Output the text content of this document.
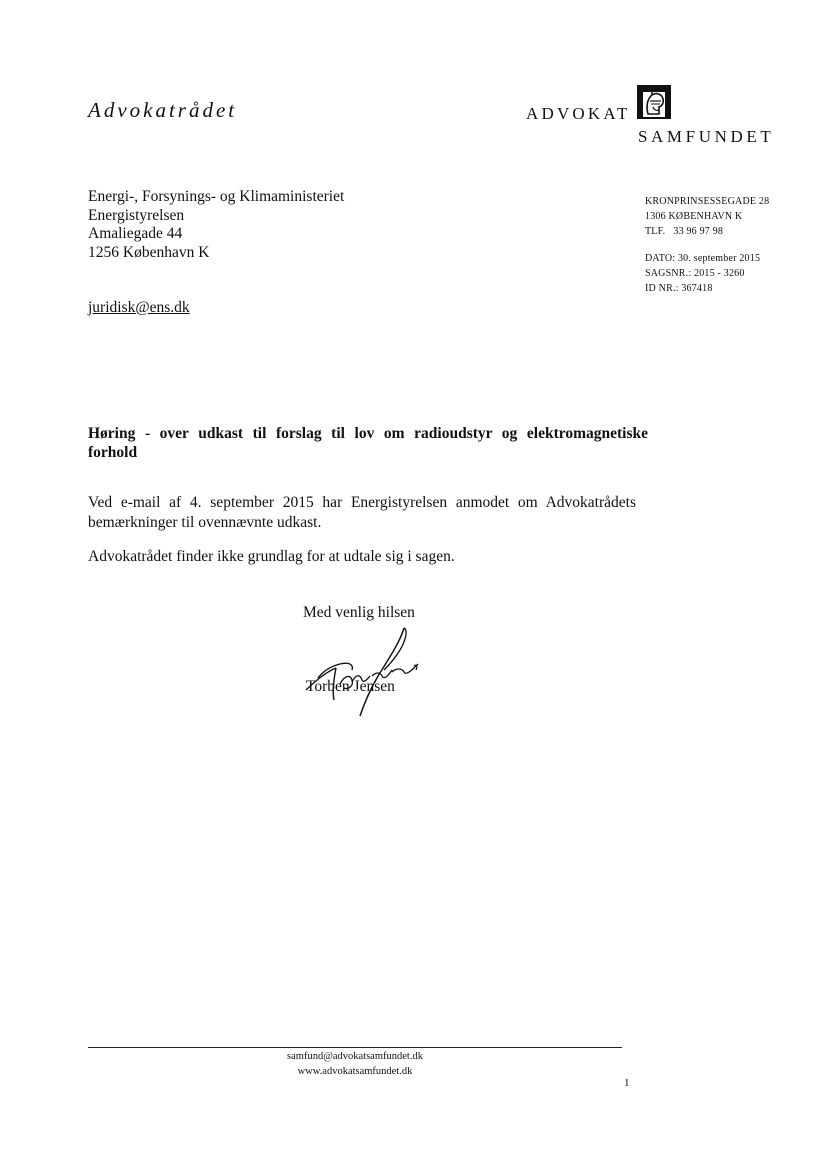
Advokatrådet	ADVOKAT
SAMFUNDET
Energi-, Forsynings- og Klimaministeriet
Energistyrelsen
Amaliegade 44
1256 København K
juridisk@ens.dk
KRONPRINSESSEGADE 28
1306 KØBENHAVN K
TLF.   33 96 97 98
DATO: 30. september 2015
SAGSNR.: 2015 - 3260
ID NR.: 367418
Høring - over udkast til forslag til lov om radioudstyr og elektromagnetiske forhold
Ved e-mail af 4. september 2015 har Energistyrelsen anmodet om Advokatrådets bemærkninger til ovennævnte udkast.
Advokatrådet finder ikke grundlag for at udtale sig i sagen.
Med venlig hilsen
Torben Jensen
samfund@advokatsamfundet.dk
www.advokatsamfundet.dk
1
